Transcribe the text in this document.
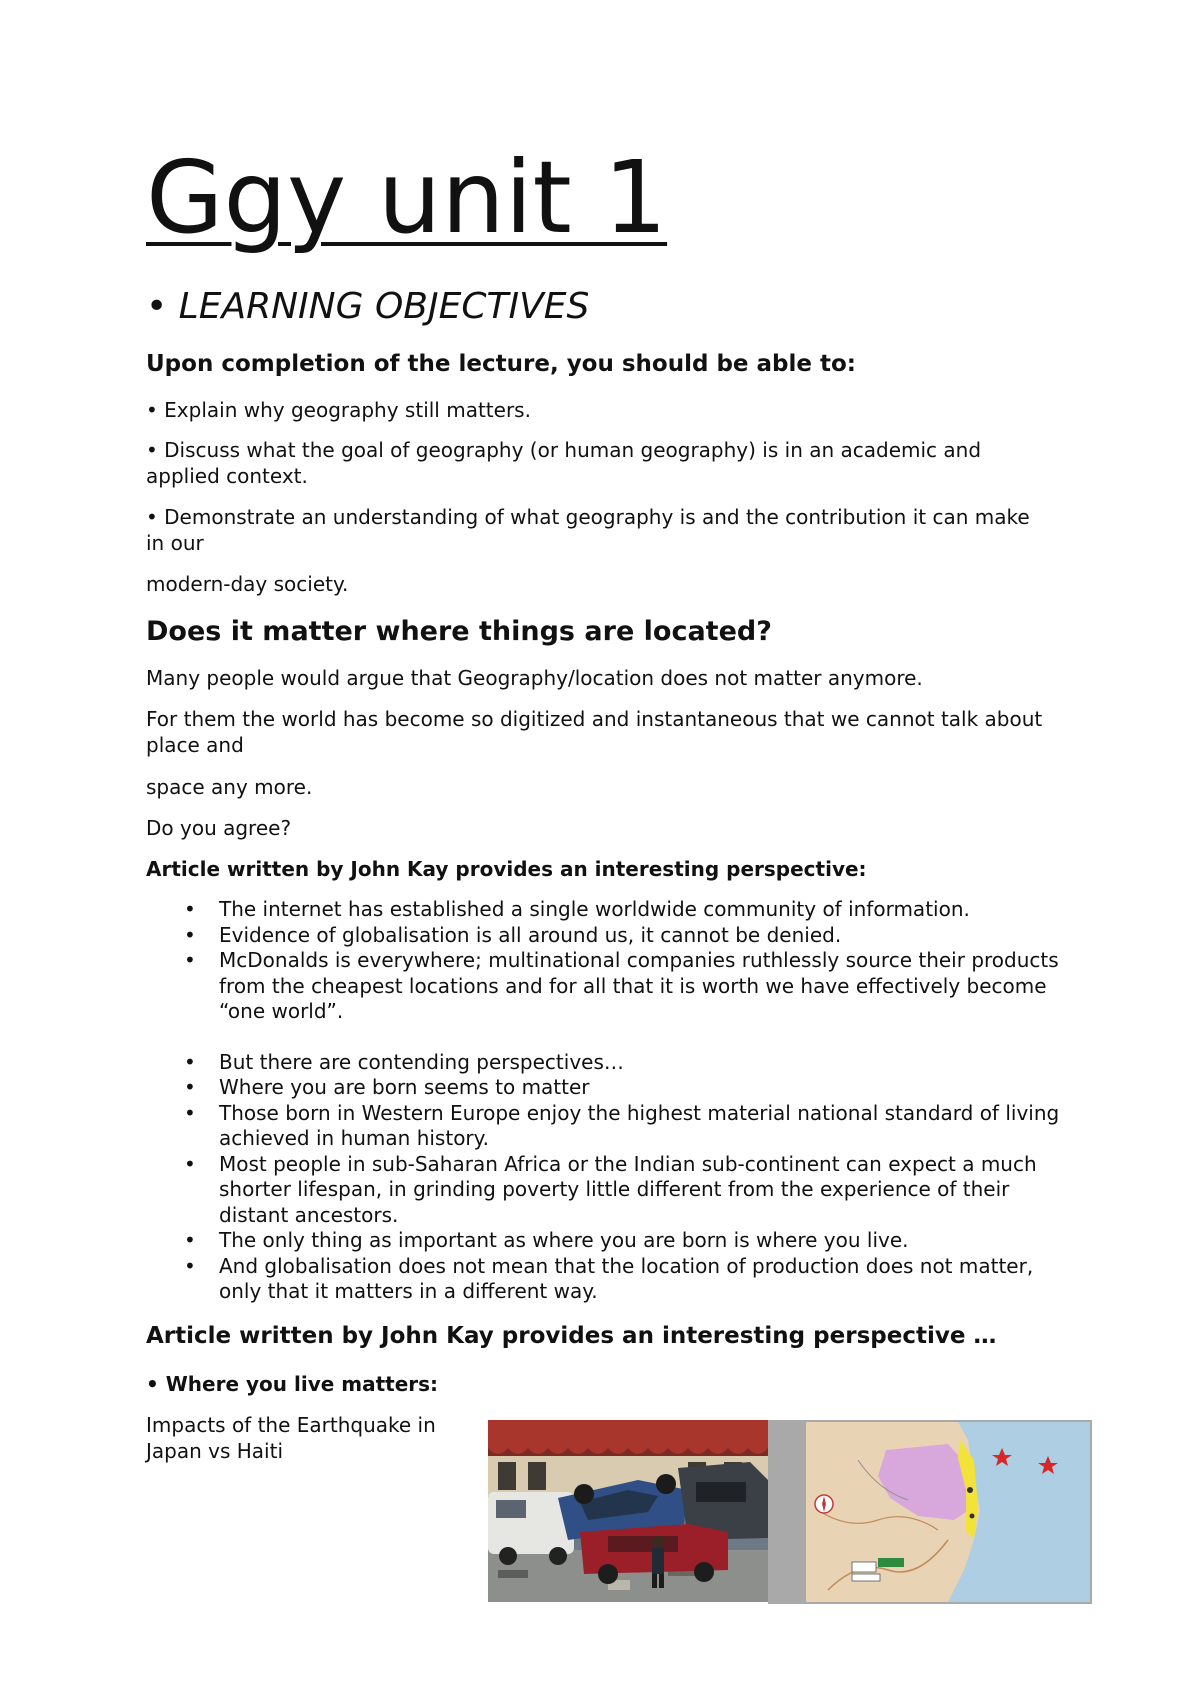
Ggy unit 1

• LEARNING OBJECTIVES

Upon completion of the lecture, you should be able to:

• Explain why geography still matters.

• Discuss what the goal of geography (or human geography) is in an academic and applied context.

• Demonstrate an understanding of what geography is and the contribution it can make in our

modern-day society.

Does it matter where things are located?

Many people would argue that Geography/location does not matter anymore.

For them the world has become so digitized and instantaneous that we cannot talk about place and

space any more.

Do you agree?

Article written by John Kay provides an interesting perspective:

• The internet has established a single worldwide community of information.
• Evidence of globalisation is all around us, it cannot be denied.
• McDonalds is everywhere; multinational companies ruthlessly source their products from the cheapest locations and for all that it is worth we have effectively become “one world”.
• But there are contending perspectives…
• Where you are born seems to matter
• Those born in Western Europe enjoy the highest material national standard of living achieved in human history.
• Most people in sub-Saharan Africa or the Indian sub-continent can expect a much shorter lifespan, in grinding poverty little different from the experience of their distant ancestors.
• The only thing as important as where you are born is where you live.
• And globalisation does not mean that the location of production does not matter, only that it matters in a different way.

Article written by John Kay provides an interesting perspective …

• Where you live matters:

Impacts of the Earthquake in Japan vs Haiti
